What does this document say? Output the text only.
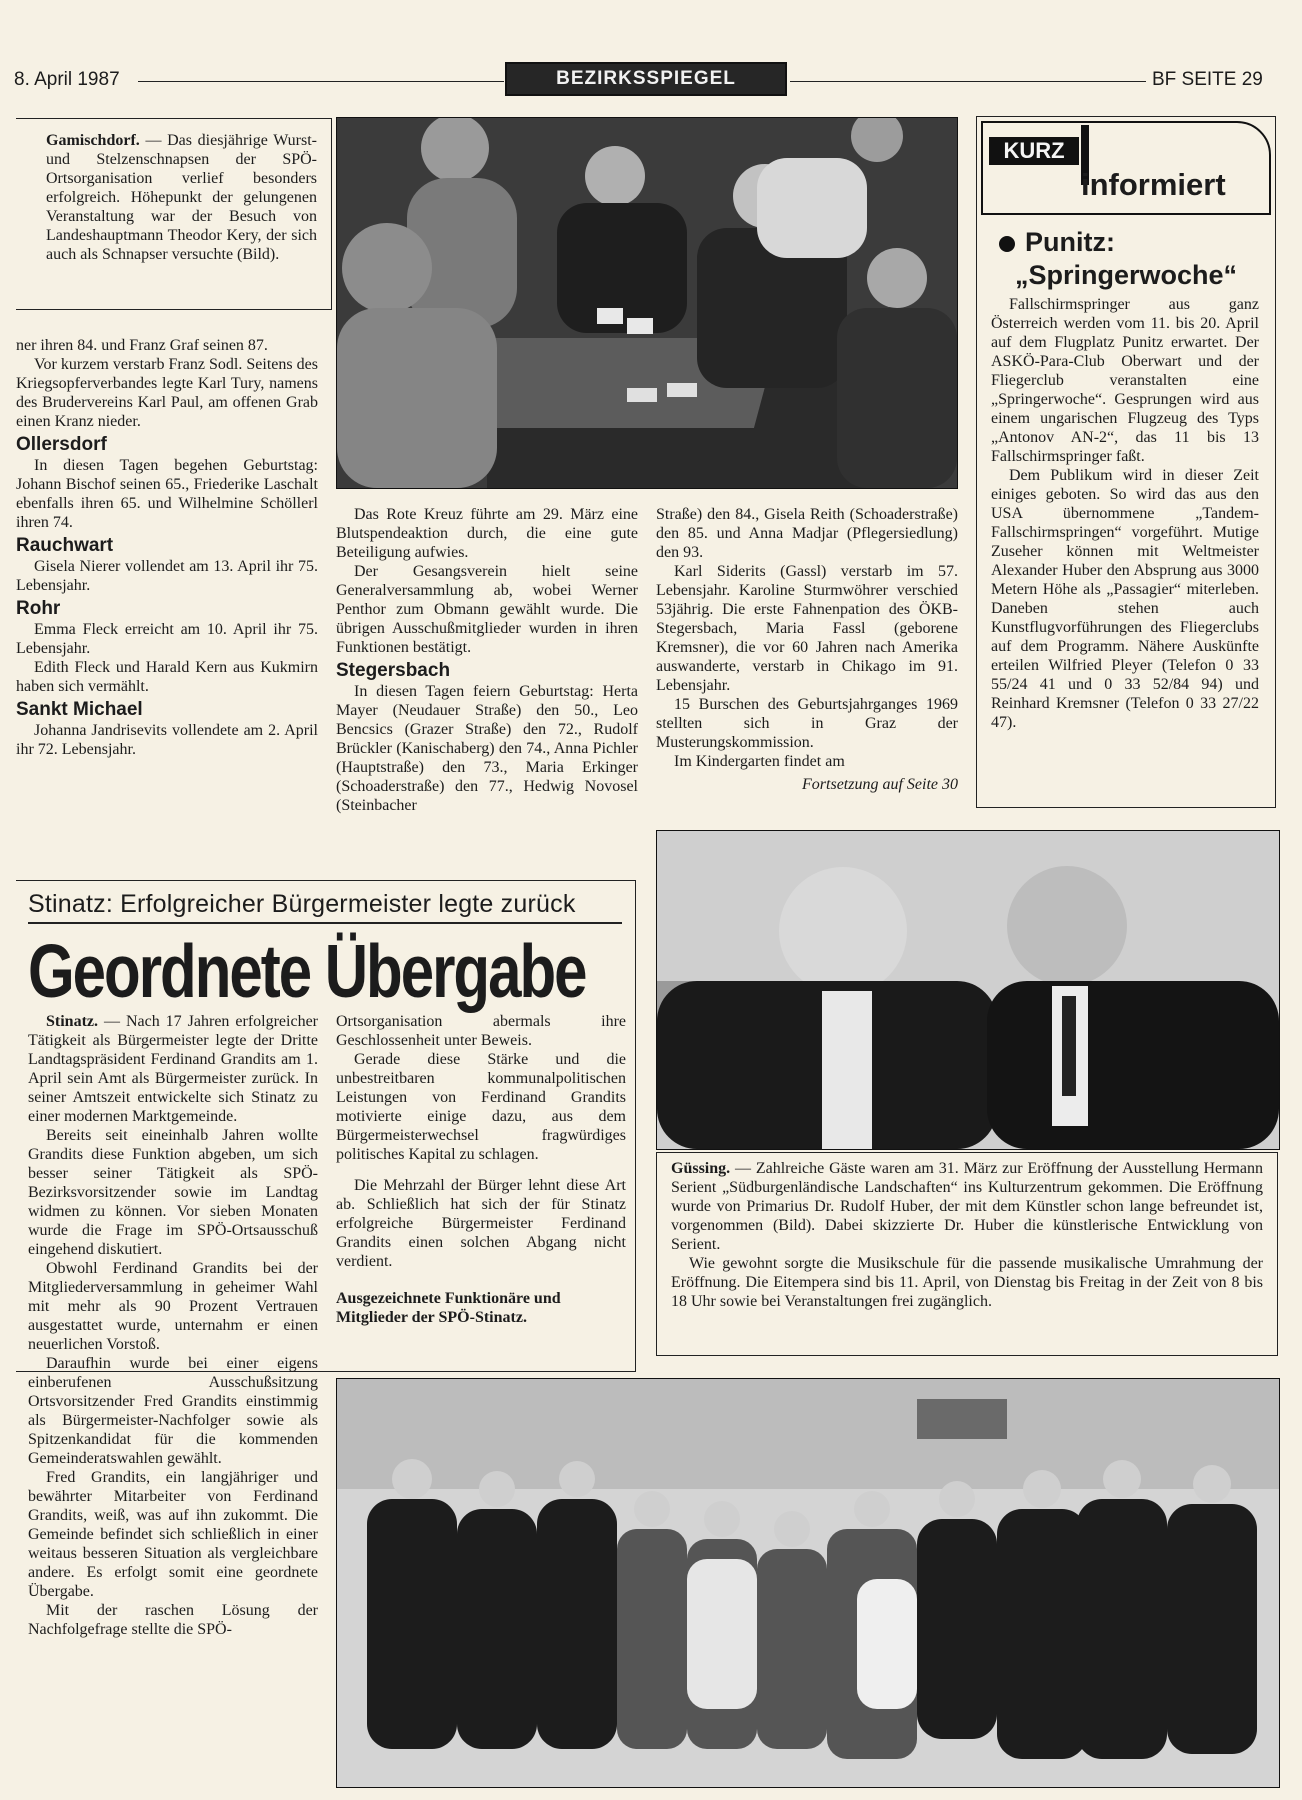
8. April 1987	BEZIRKSSPIEGEL	BF SEITE 29

Gamischdorf. — Das diesjährige Wurst- und Stelzenschnapsen der SPÖ-Ortsorganisation verlief besonders erfolgreich. Höhepunkt der gelungenen Veranstaltung war der Besuch von Landeshauptmann Theodor Kery, der sich auch als Schnapser versuchte (Bild).

ner ihren 84. und Franz Graf seinen 87.

Vor kurzem verstarb Franz Sodl. Seitens des Kriegsopferverbandes legte Karl Tury, namens des Brudervereins Karl Paul, am offenen Grab einen Kranz nieder.

Ollersdorf

In diesen Tagen begehen Geburtstag: Johann Bischof seinen 65., Friederike Laschalt ebenfalls ihren 65. und Wilhelmine Schöllerl ihren 74.

Rauchwart

Gisela Nierer vollendet am 13. April ihr 75. Lebensjahr.

Rohr

Emma Fleck erreicht am 10. April ihr 75. Lebensjahr.

Edith Fleck und Harald Kern aus Kukmirn haben sich vermählt.

Sankt Michael

Johanna Jandrisevits vollendete am 2. April ihr 72. Lebensjahr.

Das Rote Kreuz führte am 29. März eine Blutspendeaktion durch, die eine gute Beteiligung aufwies.

Der Gesangsverein hielt seine Generalversammlung ab, wobei Werner Penthor zum Obmann gewählt wurde. Die übrigen Ausschußmitglieder wurden in ihren Funktionen bestätigt.

Stegersbach

In diesen Tagen feiern Geburtstag: Herta Mayer (Neudauer Straße) den 50., Leo Bencsics (Grazer Straße) den 72., Rudolf Brückler (Kanischaberg) den 74., Anna Pichler (Hauptstraße) den 73., Maria Erkinger (Schoaderstraße) den 77., Hedwig Novosel (Steinbacher

Straße) den 84., Gisela Reith (Schoaderstraße) den 85. und Anna Madjar (Pflegersiedlung) den 93.

Karl Siderits (Gassl) verstarb im 57. Lebensjahr. Karoline Sturmwöhrer verschied 53jährig. Die erste Fahnenpation des ÖKB-Stegersbach, Maria Fassl (geborene Kremsner), die vor 60 Jahren nach Amerika auswanderte, verstarb in Chikago im 91. Lebensjahr.

15 Burschen des Geburtsjahrganges 1969 stellten sich in Graz der Musterungskommission.

Im Kindergarten findet am

Fortsetzung auf Seite 30
KURZ
informiert
Punitz:
„Springerwoche“

Fallschirmspringer aus ganz Österreich werden vom 11. bis 20. April auf dem Flugplatz Punitz erwartet. Der ASKÖ-Para-Club Oberwart und der Fliegerclub veranstalten eine „Springerwoche“. Gesprungen wird aus einem ungarischen Flugzeug des Typs „Antonov AN-2“, das 11 bis 13 Fallschirmspringer faßt.

Dem Publikum wird in dieser Zeit einiges geboten. So wird das aus den USA übernommene „Tandem-Fallschirmspringen“ vorgeführt. Mutige Zuseher können mit Weltmeister Alexander Huber den Absprung aus 3000 Metern Höhe als „Passagier“ miterleben. Daneben stehen auch Kunstflugvorführungen des Fliegerclubs auf dem Programm. Nähere Auskünfte erteilen Wilfried Pleyer (Telefon 0 33 55/24 41 und 0 33 52/84 94) und Reinhard Kremsner (Telefon 0 33 27/22 47).

Stinatz: Erfolgreicher Bürgermeister legte zurück
Geordnete Übergabe

Stinatz. — Nach 17 Jahren erfolgreicher Tätigkeit als Bürgermeister legte der Dritte Landtagspräsident Ferdinand Grandits am 1. April sein Amt als Bürgermeister zurück. In seiner Amtszeit entwickelte sich Stinatz zu einer modernen Marktgemeinde.

Bereits seit eineinhalb Jahren wollte Grandits diese Funktion abgeben, um sich besser seiner Tätigkeit als SPÖ-Bezirksvorsitzender sowie im Landtag widmen zu können. Vor sieben Monaten wurde die Frage im SPÖ-Ortsausschuß eingehend diskutiert.

Obwohl Ferdinand Grandits bei der Mitgliederversammlung in geheimer Wahl mit mehr als 90 Prozent Vertrauen ausgestattet wurde, unternahm er einen neuerlichen Vorstoß.

Daraufhin wurde bei einer eigens einberufenen Ausschußsitzung Ortsvorsitzender Fred Grandits einstimmig als Bürgermeister-Nachfolger sowie als Spitzenkandidat für die kommenden Gemeinderatswahlen gewählt.

Fred Grandits, ein langjähriger und bewährter Mitarbeiter von Ferdinand Grandits, weiß, was auf ihn zukommt. Die Gemeinde befindet sich schließlich in einer weitaus besseren Situation als vergleichbare andere. Es erfolgt somit eine geordnete Übergabe.

Mit der raschen Lösung der Nachfolgefrage stellte die SPÖ-

Ortsorganisation abermals ihre Geschlossenheit unter Beweis.

Gerade diese Stärke und die unbestreitbaren kommunalpolitischen Leistungen von Ferdinand Grandits motivierte einige dazu, aus dem Bürgermeisterwechsel fragwürdiges politisches Kapital zu schlagen.

Die Mehrzahl der Bürger lehnt diese Art ab. Schließlich hat sich der für Stinatz erfolgreiche Bürgermeister Ferdinand Grandits einen solchen Abgang nicht verdient.

Ausgezeichnete Funktionäre und Mitglieder der SPÖ-Stinatz.

Güssing. — Zahlreiche Gäste waren am 31. März zur Eröffnung der Ausstellung Hermann Serient „Südburgenländische Landschaften“ ins Kulturzentrum gekommen. Die Eröffnung wurde von Primarius Dr. Rudolf Huber, der mit dem Künstler schon lange befreundet ist, vorgenommen (Bild). Dabei skizzierte Dr. Huber die künstlerische Entwicklung von Serient.

Wie gewohnt sorgte die Musikschule für die passende musikalische Umrahmung der Eröffnung. Die Eitempera sind bis 11. April, von Dienstag bis Freitag in der Zeit von 8 bis 18 Uhr sowie bei Veranstaltungen frei zugänglich.
